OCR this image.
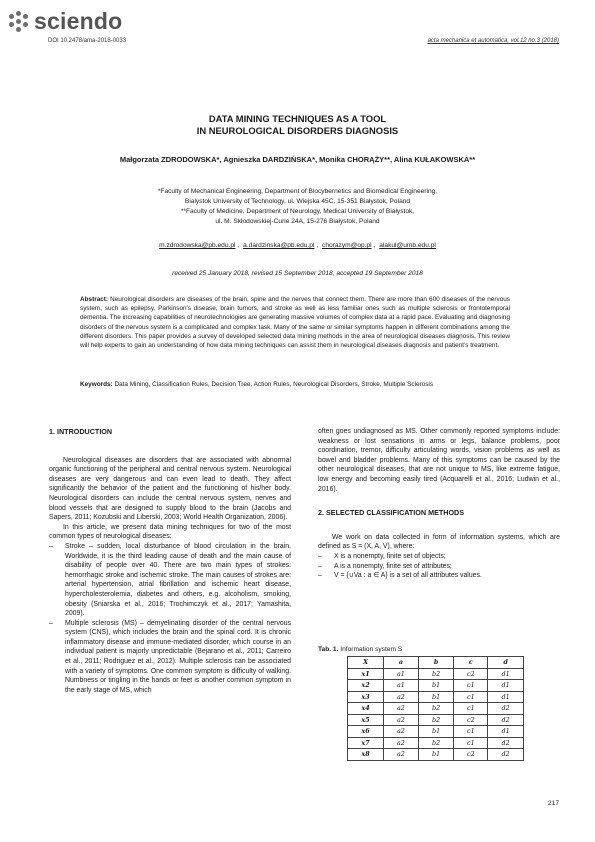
sciendo
DOI 10.2478/ama-2018-0033	acta mechanica et automatica, vol.12 no.3 (2018)
DATA MINING TECHNIQUES AS A TOOL
IN NEUROLOGICAL DISORDERS DIAGNOSIS
Małgorzata ZDRODOWSKA*, Agnieszka DARDZIŃSKA*, Monika CHORĄŻY**, Alina KUŁAKOWSKA**
*Faculty of Mechanical Engineering, Department of Biocybernetics and Biomedical Engineering,
Bialystok University of Technology, ul. Wiejska 45C, 15-351 Białystok, Poland
**Faculty of Medicine, Department of Neurology, Medical University of Białystok,
ul. M. Skłodowskiej-Curie 24A, 15-276 Białystok, Poland
m.zdrodowska@pb.edu.pl , a.dardzinska@pb.edu.pl , chorazym@op.pl , alakul@umb.edu.pl
received 25 January 2018, revised 15 September 2018, accepted 19 September 2018
Abstract: Neurological disorders are diseases of the brain, spine and the nerves that connect them. There are more than 600 diseases of the nervous system, such as epilepsy, Parkinson's disease, brain tumors, and stroke as well as less familiar ones such as multiple sclerosis or frontotemporal dementia. The increasing capabilities of neurotechnologies are generating massive volumes of complex data at a rapid pace. Evaluating and diagnosing disorders of the nervous system is a complicated and complex task. Many of the same or similar symptoms happen in different combinations among the different disorders. This paper provides a survey of developed selected data mining methods in the area of neurological diseases diagnosis. This review will help experts to gain an understanding of how data mining techniques can assist them in neurological diseases diagnosis and patient's treatment.
Keywords: Data Mining, Classification Rules, Decision Tree, Action Rules, Neurological Disorders, Stroke, Multiple Sclerosis
1. INTRODUCTION

Neurological diseases are disorders that are associated with abnormal organic functioning of the peripheral and central nervous system. Neurological diseases are very dangerous and can even lead to death. They affect significantly the behavior of the patient and the functioning of his/her body. Neurological disorders can include the central nervous system, nerves and blood vessels that are designed to supply blood to the brain (Jacobs and Sapers, 2011; Kozubski and Liberski, 2003; World Health Organization, 2006).

In this article, we present data mining techniques for two of the most common types of neurological diseases:

– Stroke – sudden, local disturbance of blood circulation in the brain. Worldwide, it is the third leading cause of death and the main cause of disability of people over 40. There are two main types of strokes: hemorrhagic stroke and ischemic stroke. The main causes of strokes are: arterial hypertension, atrial fibrillation and ischemic heart disease, hypercholesterolemia, diabetes and others, e.g. alcoholism, smoking, obesity (Sniarska et al., 2016; Trochimczyk et al., 2017; Yamashita, 2009).
– Multiple sclerosis (MS) – demyelinating disorder of the central nervous system (CNS), which includes the brain and the spinal cord. It is chronic inflammatory disease and immune-mediated disorder, which course in an individual patient is majorly unpredictable (Bejarano et al., 2011; Carreiro et al., 2011; Rodriguez et al., 2012). Multiple sclerosis can be associated with a variety of symptoms. One common symptom is difficulty of walking. Numbness or tingling in the hands or feet is another common symptom in the early stage of MS, which

often goes undiagnosed as MS. Other commonly reported symptoms include: weakness or lost sensations in arms or legs, balance problems, poor coordination, tremor, difficulty articulating words, vision problems as well as bowel and bladder problems. Many of this symptoms can be caused by the other neurological diseases, that are not unique to MS, like extreme fatigue, low energy and becoming easily tired (Acquarelli et al., 2016; Ludwin et al., 2016).

2. SELECTED CLASSIFICATION METHODS

We work on data collected in form of information systems, which are defined as S = (X, A, V), where:

– X is a nonempty, finite set of objects;
– A is a nonempty, finite set of attributes;
– V = {∪Va : a ∈ A} is a set of all attributes values.
Tab. 1. Information system S
X	a	b	c	d
x1	a1	b2	c2	d1
x2	a1	b1	c1	d1
x3	a2	b1	c1	d1
x4	a2	b2	c1	d2
x5	a2	b2	c2	d2
x6	a2	b1	c1	d1
x7	a2	b2	c1	d2
x8	a2	b1	c2	d2
217
